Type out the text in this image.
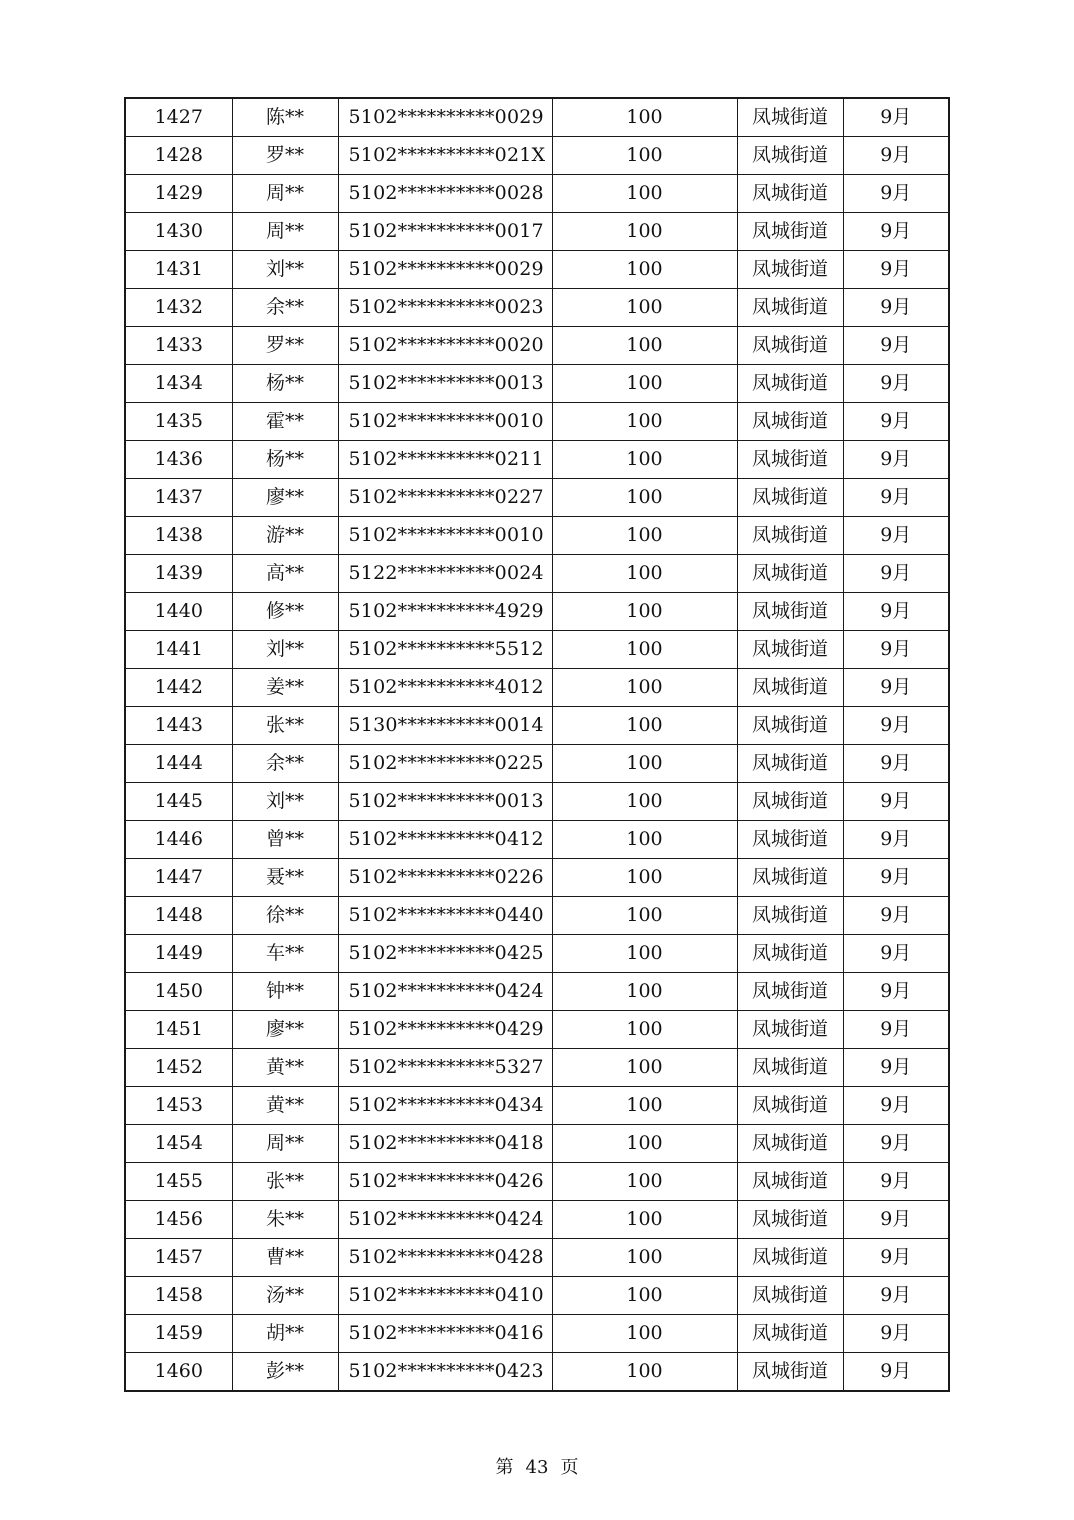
1427	陈**	5102**********0029	100	凤城街道	9月
1428	罗**	5102**********021X	100	凤城街道	9月
1429	周**	5102**********0028	100	凤城街道	9月
1430	周**	5102**********0017	100	凤城街道	9月
1431	刘**	5102**********0029	100	凤城街道	9月
1432	余**	5102**********0023	100	凤城街道	9月
1433	罗**	5102**********0020	100	凤城街道	9月
1434	杨**	5102**********0013	100	凤城街道	9月
1435	霍**	5102**********0010	100	凤城街道	9月
1436	杨**	5102**********0211	100	凤城街道	9月
1437	廖**	5102**********0227	100	凤城街道	9月
1438	游**	5102**********0010	100	凤城街道	9月
1439	高**	5122**********0024	100	凤城街道	9月
1440	修**	5102**********4929	100	凤城街道	9月
1441	刘**	5102**********5512	100	凤城街道	9月
1442	姜**	5102**********4012	100	凤城街道	9月
1443	张**	5130**********0014	100	凤城街道	9月
1444	余**	5102**********0225	100	凤城街道	9月
1445	刘**	5102**********0013	100	凤城街道	9月
1446	曾**	5102**********0412	100	凤城街道	9月
1447	聂**	5102**********0226	100	凤城街道	9月
1448	徐**	5102**********0440	100	凤城街道	9月
1449	车**	5102**********0425	100	凤城街道	9月
1450	钟**	5102**********0424	100	凤城街道	9月
1451	廖**	5102**********0429	100	凤城街道	9月
1452	黄**	5102**********5327	100	凤城街道	9月
1453	黄**	5102**********0434	100	凤城街道	9月
1454	周**	5102**********0418	100	凤城街道	9月
1455	张**	5102**********0426	100	凤城街道	9月
1456	朱**	5102**********0424	100	凤城街道	9月
1457	曹**	5102**********0428	100	凤城街道	9月
1458	汤**	5102**********0410	100	凤城街道	9月
1459	胡**	5102**********0416	100	凤城街道	9月
1460	彭**	5102**********0423	100	凤城街道	9月
第 43 页
